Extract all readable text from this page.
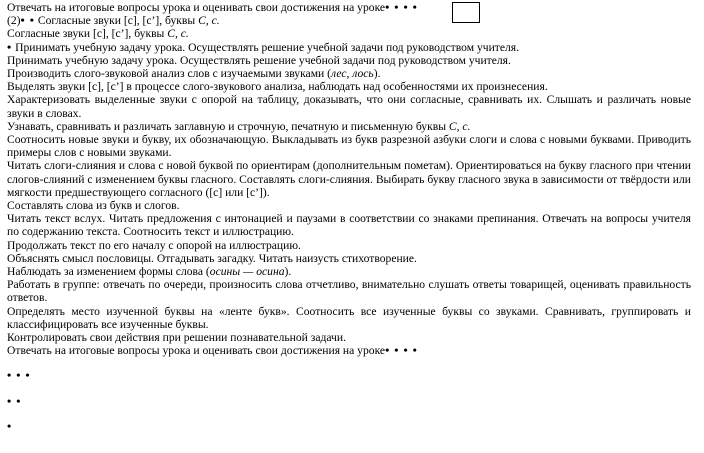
Отвечать на итоговые вопросы урока и оценивать свои достижения на уроке• • • •
(2)• • Согласные звуки [с], [с’], буквы С, с.
Согласные звуки [с], [с’], буквы С, с.
• Принимать учебную задачу урока. Осуществлять решение учебной задачи под руководством учителя.
Принимать учебную задачу урока. Осуществлять решение учебной задачи под руководством учителя.
Производить слого-звуковой анализ слов с изучаемыми звуками (лес, лось).
Выделять звуки [с], [с’] в процессе слого-звукового анализа, наблюдать над особенностями их произнесения.
Характеризовать выделенные звуки с опорой на таблицу, доказывать, что они согласные, сравнивать их. Слышать и различать новые звуки в словах.
Узнавать, сравнивать и различать заглавную и строчную, печатную и письменную буквы С, с.
Соотносить новые звуки и букву, их обозначающую. Выкладывать из букв разрезной азбуки слоги и слова с новыми буквами. Приводить примеры слов с новыми звуками.
Читать слоги-слияния и слова с новой буквой по ориентирам (дополнительным пометам). Ориентироваться на букву гласного при чтении слогов-слияний с изменением буквы гласного. Составлять слоги-слияния. Выбирать букву гласного звука в зависимости от твёрдости или мягкости предшествующего согласного ([с] или [с’]).
Составлять слова из букв и слогов.
Читать текст вслух. Читать предложения с интонацией и паузами в соответствии со знаками препинания. Отвечать на вопросы учителя по содержанию текста. Соотносить текст и иллюстрацию.
Продолжать текст по его началу с опорой на иллюстрацию.
Объяснять смысл пословицы. Отгадывать загадку. Читать наизусть стихотворение.
Наблюдать за изменением формы слова (осины — осина).
Работать в группе: отвечать по очереди, произносить слова отчетливо, внимательно слушать ответы товарищей, оценивать правильность ответов.
Определять место изученной буквы на «ленте букв». Соотносить все изученные буквы со звуками. Сравнивать, группировать и классифицировать все изученные буквы.
Контролировать свои действия при решении познавательной задачи.
Отвечать на итоговые вопросы урока и оценивать свои достижения на уроке• • • •
• • •
• •
•
